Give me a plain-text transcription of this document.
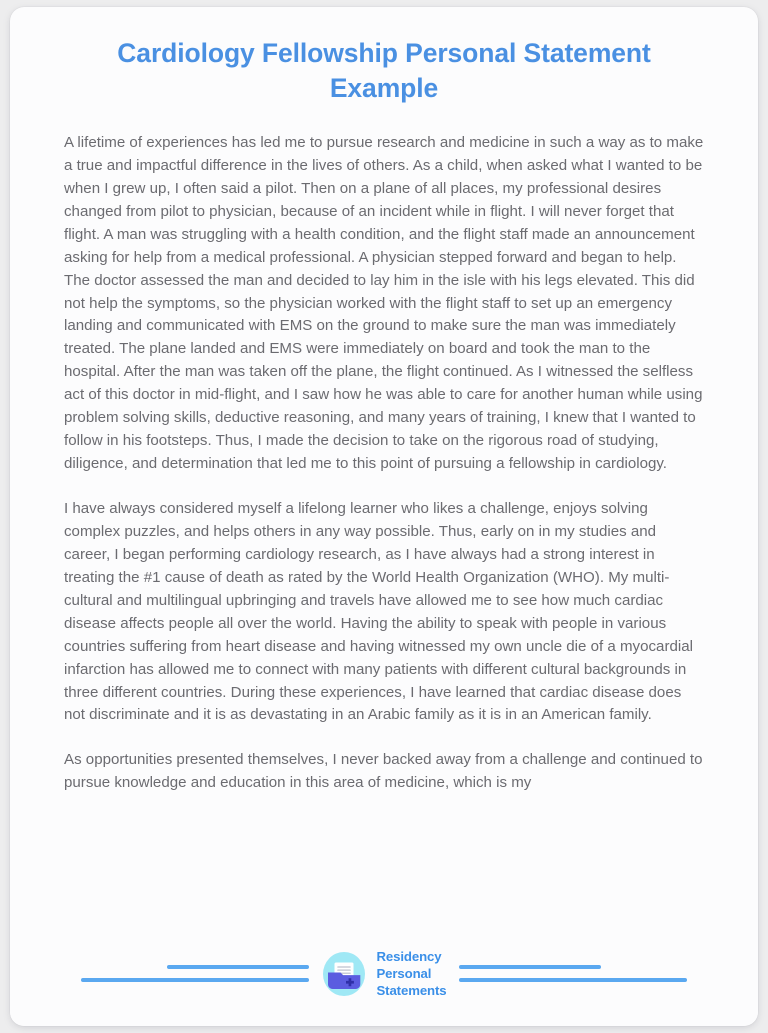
Cardiology Fellowship Personal Statement Example

A lifetime of experiences has led me to pursue research and medicine in such a way as to make a true and impactful difference in the lives of others. As a child, when asked what I wanted to be when I grew up, I often said a pilot. Then on a plane of all places, my professional desires changed from pilot to physician, because of an incident while in flight. I will never forget that flight. A man was struggling with a health condition, and the flight staff made an announcement asking for help from a medical professional. A physician stepped forward and began to help. The doctor assessed the man and decided to lay him in the isle with his legs elevated. This did not help the symptoms, so the physician worked with the flight staff to set up an emergency landing and communicated with EMS on the ground to make sure the man was immediately treated. The plane landed and EMS were immediately on board and took the man to the hospital. After the man was taken off the plane, the flight continued. As I witnessed the selfless act of this doctor in mid-flight, and I saw how he was able to care for another human while using problem solving skills, deductive reasoning, and many years of training, I knew that I wanted to follow in his footsteps. Thus, I made the decision to take on the rigorous road of studying, diligence, and determination that led me to this point of pursuing a fellowship in cardiology.

I have always considered myself a lifelong learner who likes a challenge, enjoys solving complex puzzles, and helps others in any way possible. Thus, early on in my studies and career, I began performing cardiology research, as I have always had a strong interest in treating the #1 cause of death as rated by the World Health Organization (WHO). My multi-cultural and multilingual upbringing and travels have allowed me to see how much cardiac disease affects people all over the world. Having the ability to speak with people in various countries suffering from heart disease and having witnessed my own uncle die of a myocardial infarction has allowed me to connect with many patients with different cultural backgrounds in three different countries. During these experiences, I have learned that cardiac disease does not discriminate and it is as devastating in an Arabic family as it is in an American family.

As opportunities presented themselves, I never backed away from a challenge and continued to pursue knowledge and education in this area of medicine, which is my

Residency
Personal
Statements
